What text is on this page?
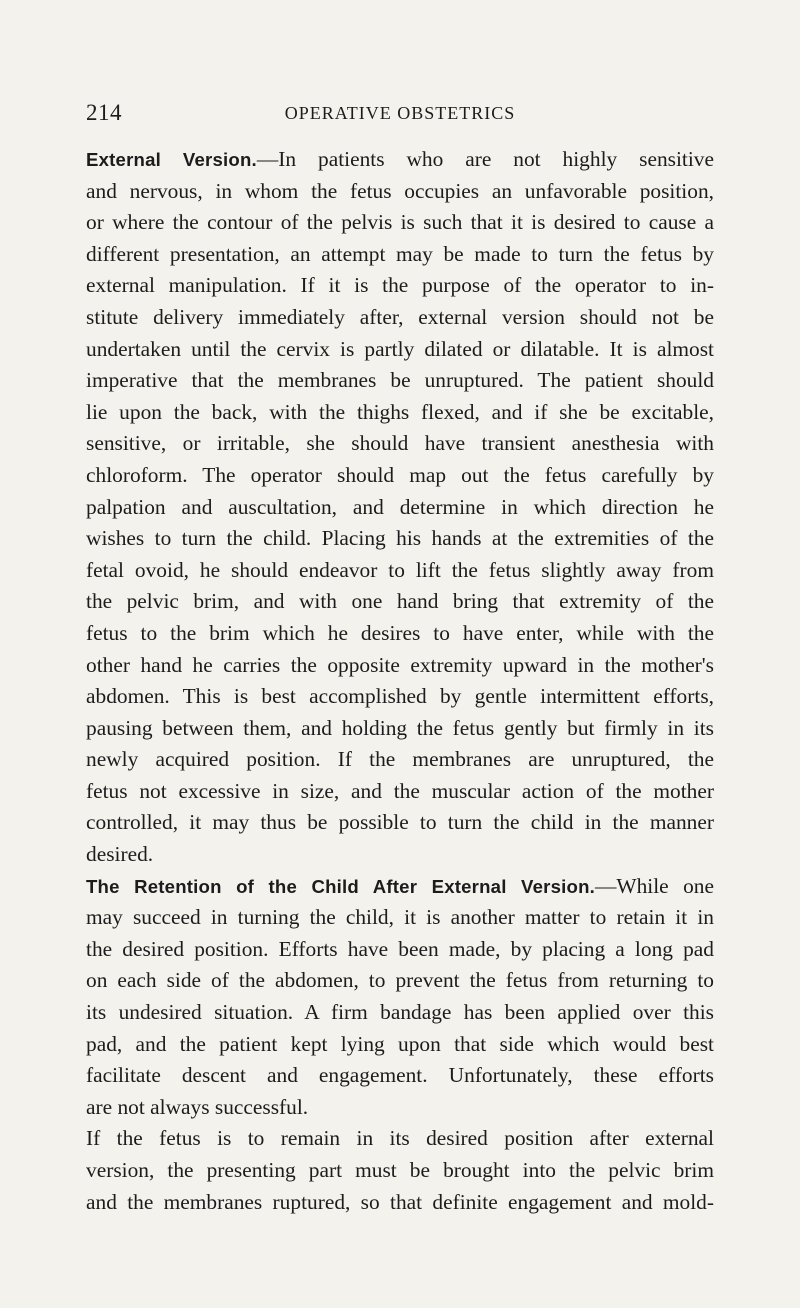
214	OPERATIVE OBSTETRICS
External Version.—In patients who are not highly sensitive
and nervous, in whom the fetus occupies an unfavorable position,
or where the contour of the pelvis is such that it is desired to cause a
different presentation, an attempt may be made to turn the fetus by
external manipulation. If it is the purpose of the operator to in-
stitute delivery immediately after, external version should not be
undertaken until the cervix is partly dilated or dilatable. It is almost
imperative that the membranes be unruptured. The patient should
lie upon the back, with the thighs flexed, and if she be excitable,
sensitive, or irritable, she should have transient anesthesia with
chloroform. The operator should map out the fetus carefully by
palpation and auscultation, and determine in which direction he
wishes to turn the child. Placing his hands at the extremities of the
fetal ovoid, he should endeavor to lift the fetus slightly away from
the pelvic brim, and with one hand bring that extremity of the
fetus to the brim which he desires to have enter, while with the
other hand he carries the opposite extremity upward in the mother's
abdomen. This is best accomplished by gentle intermittent efforts,
pausing between them, and holding the fetus gently but firmly in its
newly acquired position. If the membranes are unruptured, the
fetus not excessive in size, and the muscular action of the mother
controlled, it may thus be possible to turn the child in the manner
desired.
The Retention of the Child After External Version.—While one
may succeed in turning the child, it is another matter to retain it in
the desired position. Efforts have been made, by placing a long pad
on each side of the abdomen, to prevent the fetus from returning to
its undesired situation. A firm bandage has been applied over this
pad, and the patient kept lying upon that side which would best
facilitate descent and engagement. Unfortunately, these efforts
are not always successful.
If the fetus is to remain in its desired position after external
version, the presenting part must be brought into the pelvic brim
and the membranes ruptured, so that definite engagement and mold-
